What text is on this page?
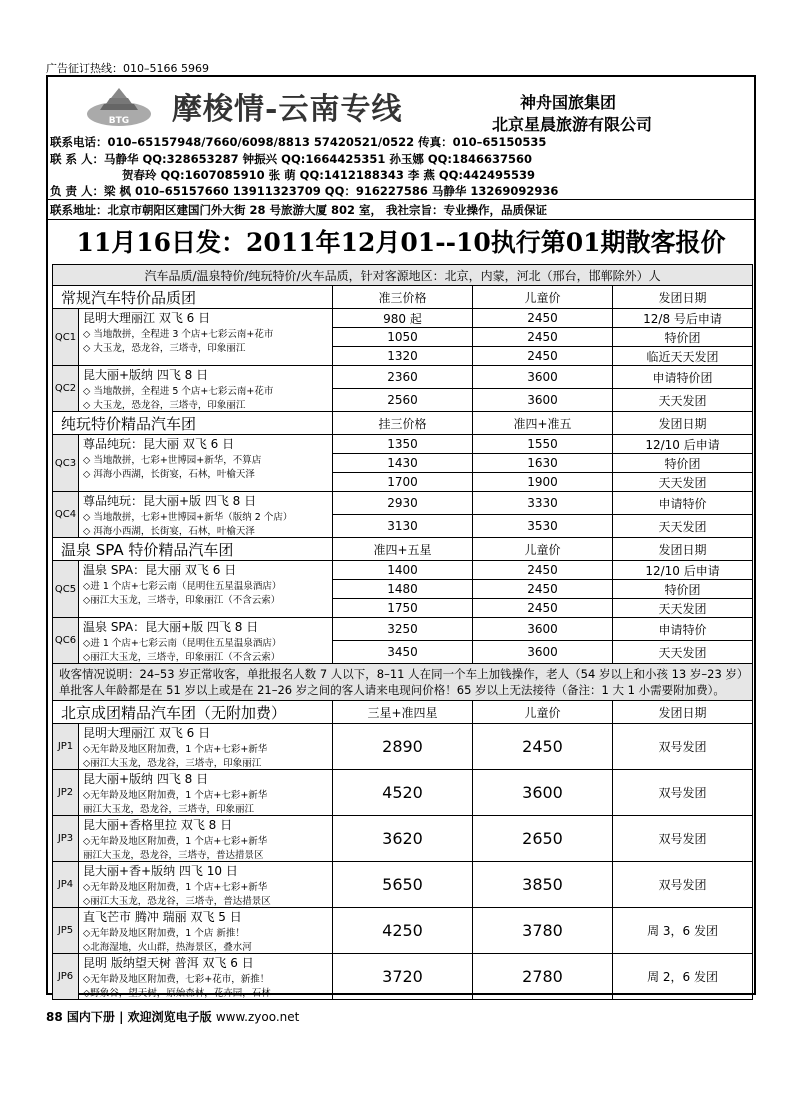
广告征订热线：010–5166 5969
BTG 摩梭情-云南专线	神舟国旅集团
北京星晨旅游有限公司
联系电话：010–65157948/7660/6098/8813 57420521/0522 传真：010–65150535
联 系 人：马静华 QQ:328653287 钟振兴 QQ:1664425351 孙玉娜 QQ:1846637560
贺春玲 QQ:1607085910 张 萌 QQ:1412188343 李 燕 QQ:442495539
负 责 人：梁 枫 010–65157660 13911323709 QQ：916227586 马静华 13269092936
联系地址：北京市朝阳区建国门外大街 28 号旅游大厦 802 室， 我社宗旨：专业操作，品质保证
11月16日发：2011年12月01--10执行第01期散客报价
汽车品质/温泉特价/纯玩特价/火车品质，针对客源地区：北京，内蒙，河北（邢台，邯郸除外）人				
常规汽车特价品质团		准三价格	儿童价	发团日期
QC1	昆明大理丽江 双飞 6 日
◇ 当地散拼，全程进 3 个店+七彩云南+花市
◇ 大玉龙，恐龙谷，三塔寺，印象丽江	980 起	2450	12/8 号后申请
		1050	2450	特价团
		1320	2450	临近天天发团
QC2	昆大丽+版纳 四飞 8 日
◇ 当地散拼，全程进 5 个店+七彩云南+花市
◇ 大玉龙，恐龙谷，三塔寺，印象丽江	2360	3600	申请特价团
		2560	3600	天天发团
纯玩特价精品汽车团		挂三价格	准四+准五	发团日期
QC3	尊品纯玩：昆大丽 双飞 6 日
◇ 当地散拼，七彩+世博园+新华，不算店
◇ 洱海小西湖，长街宴，石林，叶榆天泽	1350	1550	12/10 后申请
		1430	1630	特价团
		1700	1900	天天发团
QC4	尊品纯玩：昆大丽+版 四飞 8 日
◇ 当地散拼，七彩+世博园+新华（版纳 2 个店）
◇ 洱海小西湖，长街宴，石林，叶榆天泽	2930	3330	申请特价
		3130	3530	天天发团
温泉 SPA 特价精品汽车团		准四+五星	儿童价	发团日期
QC5	温泉 SPA：昆大丽 双飞 6 日
◇进 1 个店+七彩云南（昆明住五星温泉酒店）
◇丽江大玉龙，三塔寺，印象丽江（不含云索）	1400	2450	12/10 后申请
		1480	2450	特价团
		1750	2450	天天发团
QC6	温泉 SPA：昆大丽+版 四飞 8 日
◇进 1 个店+七彩云南（昆明住五星温泉酒店）
◇丽江大玉龙，三塔寺，印象丽江（不含云索）	3250	3600	申请特价
		3450	3600	天天发团
收客情况说明：24–53 岁正常收客，单批报名人数 7 人以下，8–11 人在同一个车上加钱操作，老人（54 岁以上和小孩 13 岁–23 岁）单批客人年龄都是在 51 岁以上或是在 21–26 岁之间的客人请来电现问价格！65 岁以上无法接待（备注：1 大 1 小需要附加费）。				
北京成团精品汽车团（无附加费）		三星+准四星	儿童价	发团日期
JP1	昆明大理丽江 双飞 6 日
◇无年龄及地区附加费，1 个店+七彩+新华
◇丽江大玉龙，恐龙谷，三塔寺，印象丽江	2890	2450	双号发团
JP2	昆大丽+版纳 四飞 8 日
◇无年龄及地区附加费，1 个店+七彩+新华
丽江大玉龙，恐龙谷，三塔寺，印象丽江	4520	3600	双号发团
JP3	昆大丽+香格里拉 双飞 8 日
◇无年龄及地区附加费，1 个店+七彩+新华
丽江大玉龙，恐龙谷，三塔寺，普达措景区	3620	2650	双号发团
JP4	昆大丽+香+版纳 四飞 10 日
◇无年龄及地区附加费，1 个店+七彩+新华
◇丽江大玉龙，恐龙谷，三塔寺，普达措景区	5650	3850	双号发团
JP5	直飞芒市 腾冲 瑞丽 双飞 5 日
◇无年龄及地区附加费，1 个店 新推！
◇北海湿地，火山群，热海景区，叠水河	4250	3780	周 3，6 发团
JP6	昆明 版纳望天树 普洱 双飞 6 日
◇无年龄及地区附加费，七彩+花市，新推！
◇野象谷，望天树，原始森林，花卉园，石林	3720	2780	周 2，6 发团
88 国内下册 | 欢迎浏览电子版 www.zyoo.net
